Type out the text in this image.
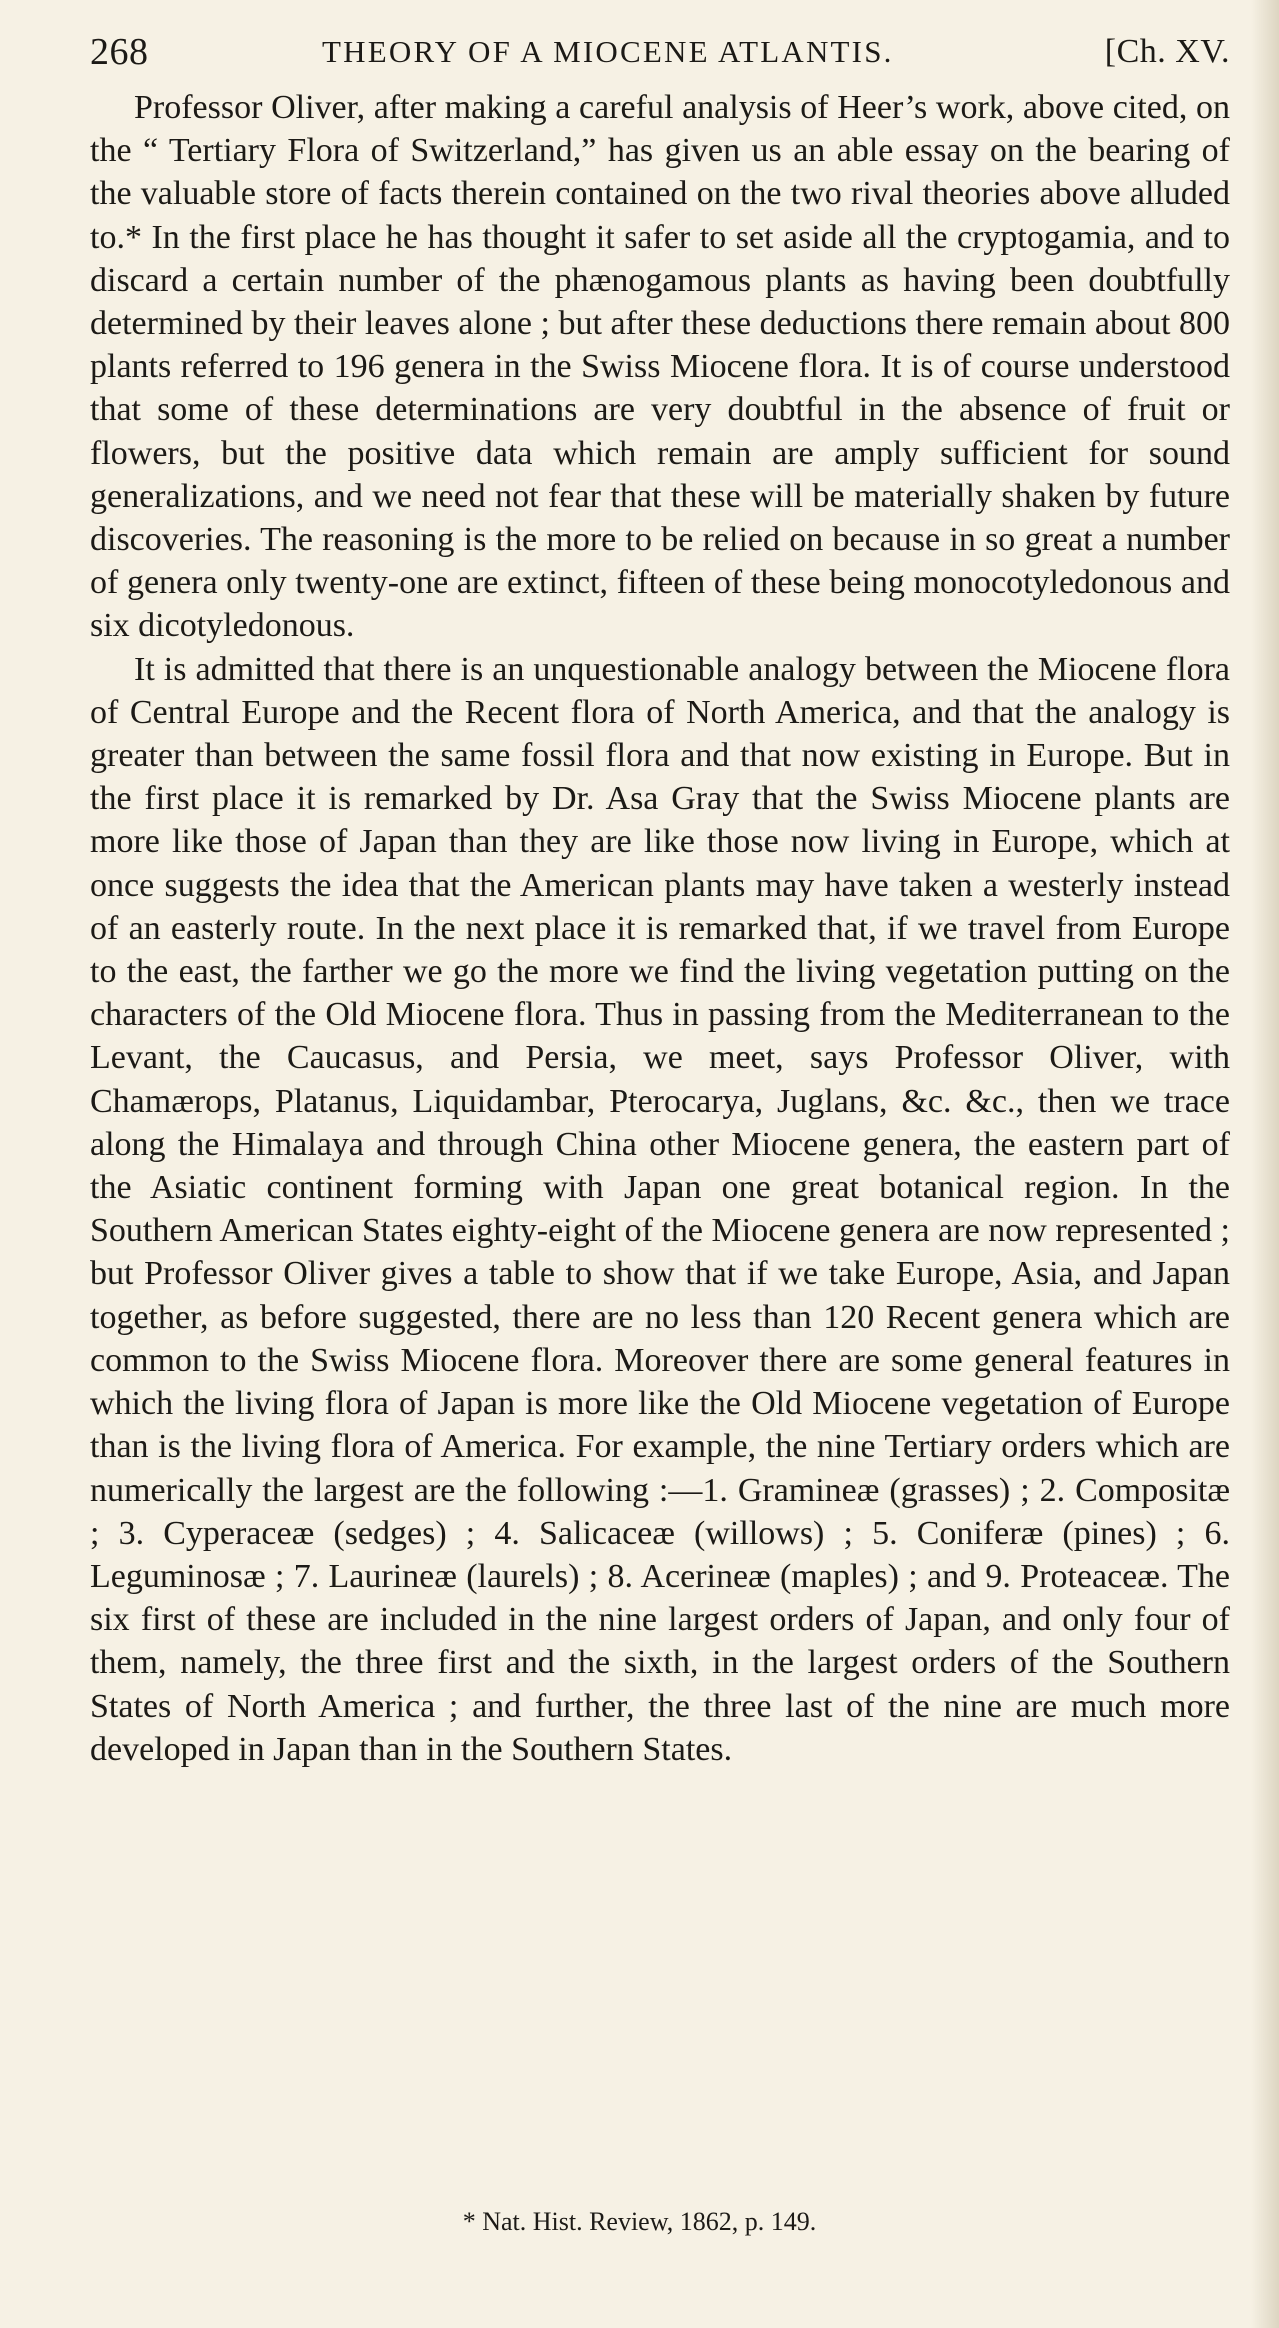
268	THEORY OF A MIOCENE ATLANTIS.	[Ch. XV.

Professor Oliver, after making a careful analysis of Heer’s work, above cited, on the “ Tertiary Flora of Switzerland,” has given us an able essay on the bearing of the valuable store of facts therein contained on the two rival theories above alluded to.* In the first place he has thought it safer to set aside all the cryptogamia, and to discard a certain number of the phænogamous plants as having been doubtfully determined by their leaves alone ; but after these deductions there remain about 800 plants referred to 196 genera in the Swiss Miocene flora. It is of course understood that some of these determinations are very doubtful in the absence of fruit or flowers, but the positive data which remain are amply sufficient for sound generalizations, and we need not fear that these will be materially shaken by future discoveries. The reasoning is the more to be relied on because in so great a number of genera only twenty-one are extinct, fifteen of these being monocotyledonous and six dicotyledonous.

It is admitted that there is an unquestionable analogy between the Miocene flora of Central Europe and the Recent flora of North America, and that the analogy is greater than between the same fossil flora and that now existing in Europe. But in the first place it is remarked by Dr. Asa Gray that the Swiss Miocene plants are more like those of Japan than they are like those now living in Europe, which at once suggests the idea that the American plants may have taken a westerly instead of an easterly route. In the next place it is remarked that, if we travel from Europe to the east, the farther we go the more we find the living vegetation putting on the characters of the Old Miocene flora. Thus in passing from the Mediterranean to the Levant, the Caucasus, and Persia, we meet, says Professor Oliver, with Chamærops, Platanus, Liquidambar, Pterocarya, Juglans, &c. &c., then we trace along the Himalaya and through China other Miocene genera, the eastern part of the Asiatic continent forming with Japan one great botanical region. In the Southern American States eighty-eight of the Miocene genera are now represented ; but Professor Oliver gives a table to show that if we take Europe, Asia, and Japan together, as before suggested, there are no less than 120 Recent genera which are common to the Swiss Miocene flora. Moreover there are some general features in which the living flora of Japan is more like the Old Miocene vegetation of Europe than is the living flora of America. For example, the nine Tertiary orders which are numerically the largest are the following :—1. Gramineæ (grasses) ; 2. Compositæ ; 3. Cyperaceæ (sedges) ; 4. Salicaceæ (willows) ; 5. Coniferæ (pines) ; 6. Leguminosæ ; 7. Laurineæ (laurels) ; 8. Acerineæ (maples) ; and 9. Proteaceæ. The six first of these are included in the nine largest orders of Japan, and only four of them, namely, the three first and the sixth, in the largest orders of the Southern States of North America ; and further, the three last of the nine are much more developed in Japan than in the Southern States.

* Nat. Hist. Review, 1862, p. 149.
